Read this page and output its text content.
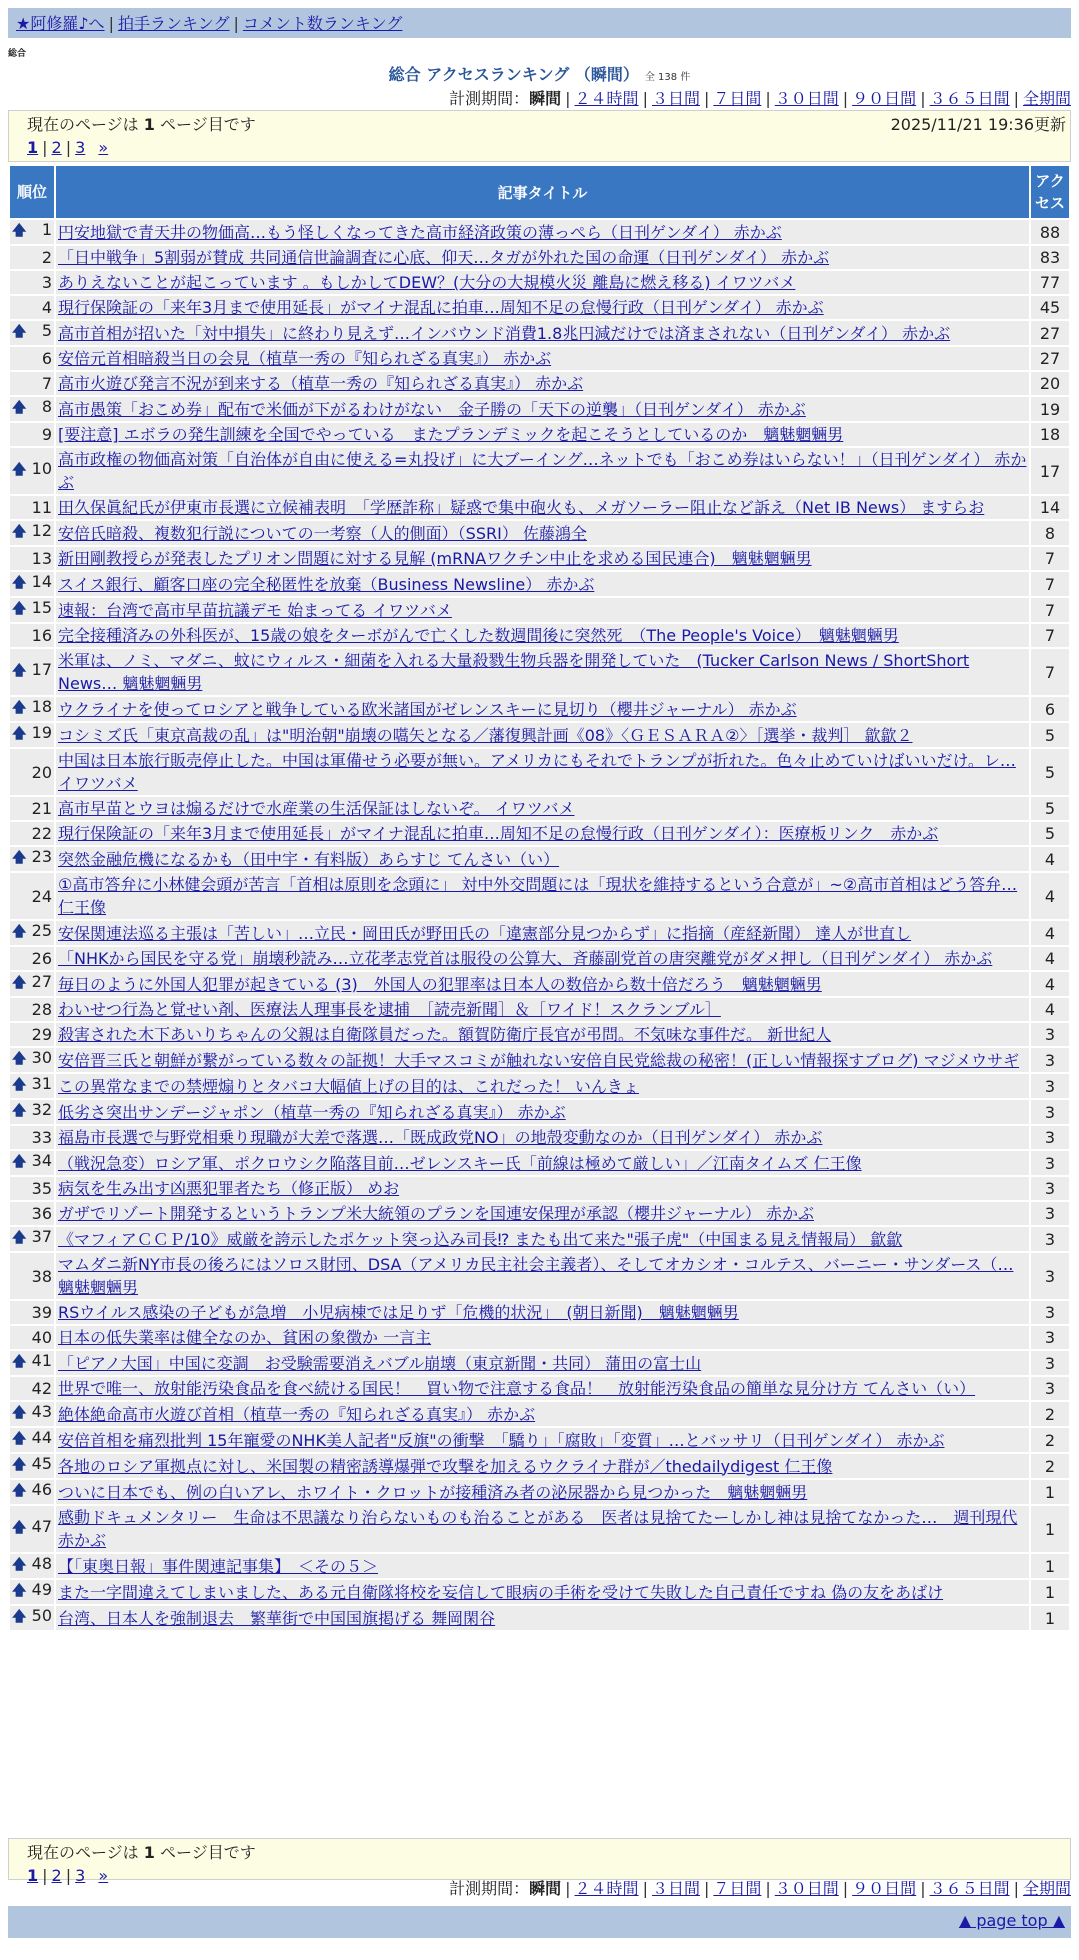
★阿修羅♪へ | 拍手ランキング | コメント数ランキング
総合
総合 アクセスランキング （瞬間） 全 138 件
計測期間：瞬間 | ２４時間 | ３日間 | ７日間 | ３０日間 | ９０日間 | ３６５日間 | 全期間
現在のページは 1 ページ目です	2025/11/21 19:36更新
1 | 2 | 3 »
順位	記事タイトル	アクセス

🡅 1	円安地獄で青天井の物価高…もう怪しくなってきた高市経済政策の薄っぺら（日刊ゲンダイ） 赤かぶ	88
2	「日中戦争」5割弱が賛成 共同通信世論調査に心底、仰天…タガが外れた国の命運（日刊ゲンダイ） 赤かぶ	83
3	ありえないことが起こっています 。もしかしてDEW？(大分の大規模火災 離島に燃え移る) イワツバメ	77
4	現行保険証の「来年3月まで使用延長」がマイナ混乱に拍車…周知不足の怠慢行政（日刊ゲンダイ） 赤かぶ	45

🡅 5	高市首相が招いた「対中損失」に終わり見えず…インバウンド消費1.8兆円減だけでは済まされない（日刊ゲンダイ） 赤かぶ	27
6	安倍元首相暗殺当日の会見（植草一秀の『知られざる真実』） 赤かぶ	27
7	高市火遊び発言不況が到来する（植草一秀の『知られざる真実』） 赤かぶ	20

🡅 8	高市愚策「おこめ券」配布で米価が下がるわけがない　金子勝の「天下の逆襲」（日刊ゲンダイ） 赤かぶ	19
9	[要注意] エボラの発生訓練を全国でやっている　またプランデミックを起こそうとしているのか　魑魅魍魎男	18

🡅 10	高市政権の物価高対策「自治体が自由に使える=丸投げ」に大ブーイング…ネットでも「おこめ券はいらない！」（日刊ゲンダイ） 赤かぶ	17
11	田久保眞紀氏が伊東市長選に立候補表明　「学歴詐称」疑惑で集中砲火も、メガソーラー阻止など訴え（Net IB News） ますらお	14

🡅 12	安倍氏暗殺、複数犯行説についての一考察（人的側面）（SSRI） 佐藤鴻全	8
13	新田剛教授らが発表したプリオン問題に対する見解 (mRNAワクチン中止を求める国民連合)　魑魅魍魎男	7

🡅 14	スイス銀行、顧客口座の完全秘匿性を放棄（Business Newsline） 赤かぶ	7

🡅 15	速報：台湾で高市早苗抗議デモ 始まってる イワツバメ	7
16	完全接種済みの外科医が、15歳の娘をターボがんで亡くした数週間後に突然死　（The People's Voice）　魑魅魍魎男	7

🡅 17	米軍は、ノミ、マダニ、蚊にウィルス・細菌を入れる大量殺戮生物兵器を開発していた　(Tucker Carlson News / ShortShort News… 魑魅魍魎男	7

🡅 18	ウクライナを使ってロシアと戦争している欧米諸国がゼレンスキーに見切り（櫻井ジャーナル） 赤かぶ	6

🡅 19	コシミズ氏「東京高裁の乱」は"明治朝"崩壊の嚆矢となる／藩復興計画《08》〈ＧＥＳＡＲＡ②〉［選挙・裁判］ 歙歙２	5
20	中国は日本旅行販売停止した。中国は軍備せう必要が無い。アメリカにもそれでトランプが折れた。色々止めていけばいいだけ。レ… イワツバメ	5
21	高市早苗とウヨは煽るだけで水産業の生活保証はしないぞ。 イワツバメ	5
22	現行保険証の「来年3月まで使用延長」がマイナ混乱に拍車…周知不足の怠慢行政（日刊ゲンダイ）：医療板リンク　赤かぶ	5

🡅 23	突然金融危機になるかも（田中宇・有料版）あらすじ てんさい（い）	4
24	①高市答弁に小林健会頭が苦言「首相は原則を念頭に」 対中外交問題には「現状を維持するという合意が」~②高市首相はどう答弁… 仁王像	4

🡅 25	安保関連法巡る主張は「苦しい」…立民・岡田氏が野田氏の「違憲部分見つからず」に指摘（産経新聞） 達人が世直し	4
26	「NHKから国民を守る党」崩壊秒読み…立花孝志党首は服役の公算大、斉藤副党首の唐突離党がダメ押し（日刊ゲンダイ） 赤かぶ	4

🡅 27	毎日のように外国人犯罪が起きている (3)　外国人の犯罪率は日本人の数倍から数十倍だろう　魑魅魍魎男	4
28	わいせつ行為と覚せい剤、医療法人理事長を逮捕　［読売新聞］＆［ワイド！スクランブル］	4
29	殺害された木下あいりちゃんの父親は自衛隊員だった。額賀防衛庁長官が弔問。不気味な事件だ。 新世紀人	3

🡅 30	安倍晋三氏と朝鮮が繋がっている数々の証拠！大手マスコミが触れない安倍自民党総裁の秘密！(正しい情報探すブログ) マジメウサギ	3

🡅 31	この異常なまでの禁煙煽りとタバコ大幅値上げの目的は、これだった！ いんきょ	3

🡅 32	低劣さ突出サンデージャポン（植草一秀の『知られざる真実』） 赤かぶ	3
33	福島市長選で与野党相乗り現職が大差で落選…「既成政党NO」の地殻変動なのか（日刊ゲンダイ） 赤かぶ	3

🡅 34	（戦況急変）ロシア軍、ポクロウシク陥落目前…ゼレンスキー氏「前線は極めて厳しい」／江南タイムズ 仁王像	3
35	病気を生み出す凶悪犯罪者たち（修正版） めお	3
36	ガザでリゾート開発するというトランプ米大統領のプランを国連安保理が承認（櫻井ジャーナル） 赤かぶ	3

🡅 37	《マフィアＣＣＰ/10》威厳を誇示したポケット突っ込み司長⁉ またも出て来た"張子虎"（中国まる見え情報局） 歙歙	3
38	マムダニ新NY市長の後ろにはソロス財団、DSA（アメリカ民主社会主義者）、そしてオカシオ・コルテス、バーニー・サンダース（… 魑魅魍魎男	3
39	RSウイルス感染の子どもが急増　小児病棟では足りず「危機的状況」　(朝日新聞)　魑魅魍魎男	3
40	日本の低失業率は健全なのか、貧困の象徴か 一言主	3

🡅 41	「ピアノ大国」中国に変調　お受験需要消えバブル崩壊（東京新聞・共同） 蒲田の富士山	3
42	世界で唯一、放射能汚染食品を食べ続ける国民！　買い物で注意する食品！　放射能汚染食品の簡単な見分け方 てんさい（い）	3

🡅 43	絶体絶命高市火遊び首相（植草一秀の『知られざる真実』） 赤かぶ	2

🡅 44	安倍首相を痛烈批判 15年寵愛のNHK美人記者"反旗"の衝撃　「驕り」「腐敗」「変質」…とバッサリ（日刊ゲンダイ） 赤かぶ	2

🡅 45	各地のロシア軍拠点に対し、米国製の精密誘導爆弾で攻撃を加えるウクライナ群が／thedailydigest 仁王像	2

🡅 46	ついに日本でも、例の白いアレ、ホワイト・クロットが接種済み者の泌尿器から見つかった　魑魅魍魎男	1

🡅 47	感動ドキュメンタリー　生命は不思議なり治らないものも治ることがある　医者は見捨てたーしかし神は見捨てなかった…　週刊現代 赤かぶ	1

🡅 48	【「東奥日報」事件関連記事集】　＜その５＞	1

🡅 49	また一字間違えてしまいました、ある元自衛隊将校を妄信して眼病の手術を受けて失敗した自己責任ですね 偽の友をあばけ	1

🡅 50	台湾、日本人を強制退去　繁華街で中国国旗掲げる 舞岡閑谷	1
現在のページは 1 ページ目です
1 | 2 | 3 »
計測期間：瞬間 | ２４時間 | ３日間 | ７日間 | ３０日間 | ９０日間 | ３６５日間 | 全期間
▲ page top ▲
